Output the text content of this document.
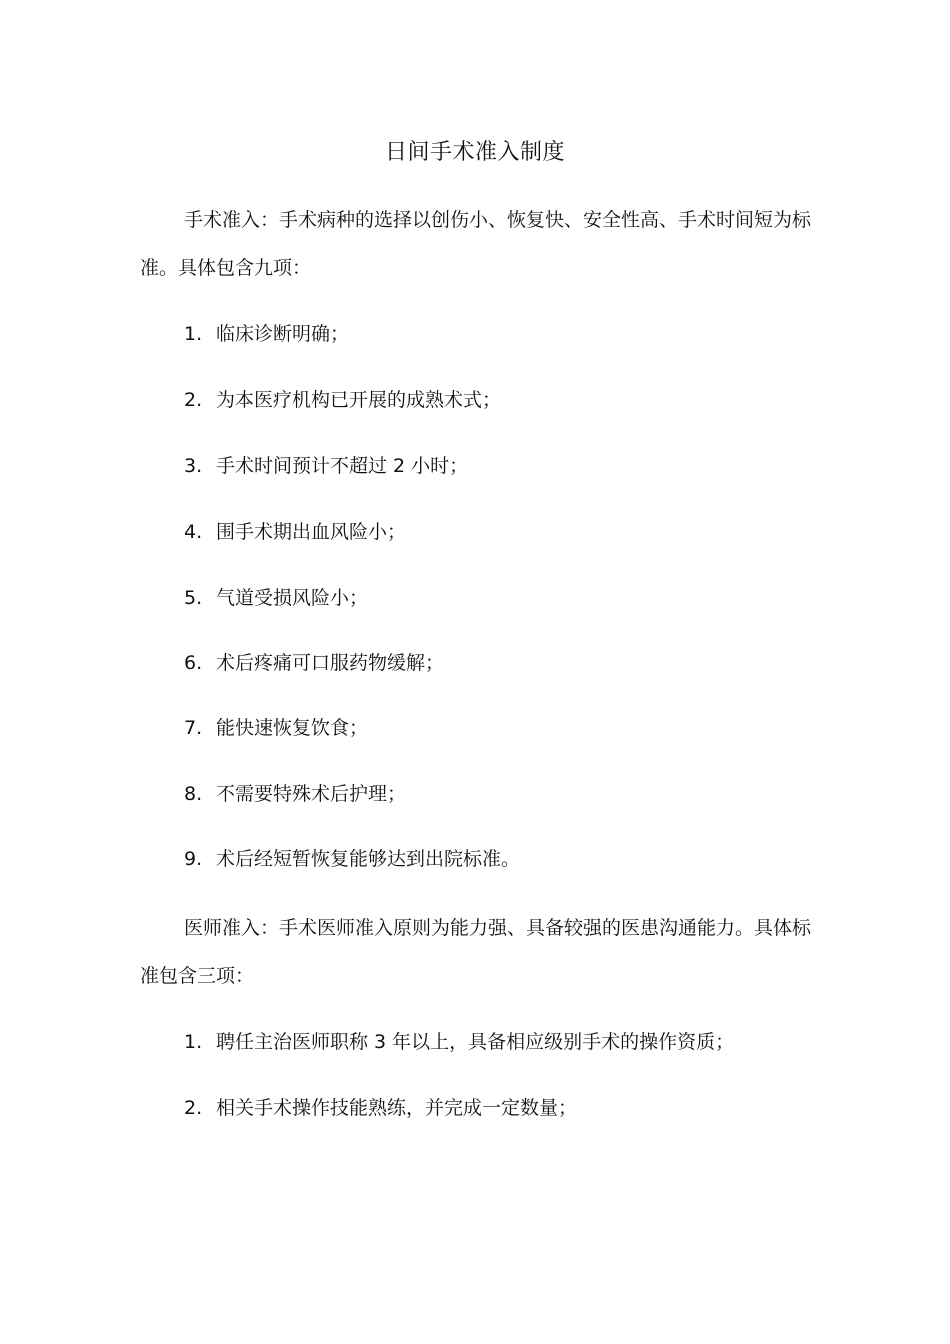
日间手术准入制度
手术准入：手术病种的选择以创伤小、恢复快、安全性高、手术时间短为标准。具体包含九项：
1. 临床诊断明确；
2. 为本医疗机构已开展的成熟术式；
3. 手术时间预计不超过 2 小时；
4. 围手术期出血风险小；
5. 气道受损风险小；
6. 术后疼痛可口服药物缓解；
7. 能快速恢复饮食；
8. 不需要特殊术后护理；
9. 术后经短暂恢复能够达到出院标准。
医师准入：手术医师准入原则为能力强、具备较强的医患沟通能力。具体标准包含三项：
1. 聘任主治医师职称 3 年以上，具备相应级别手术的操作资质；
2. 相关手术操作技能熟练，并完成一定数量；
